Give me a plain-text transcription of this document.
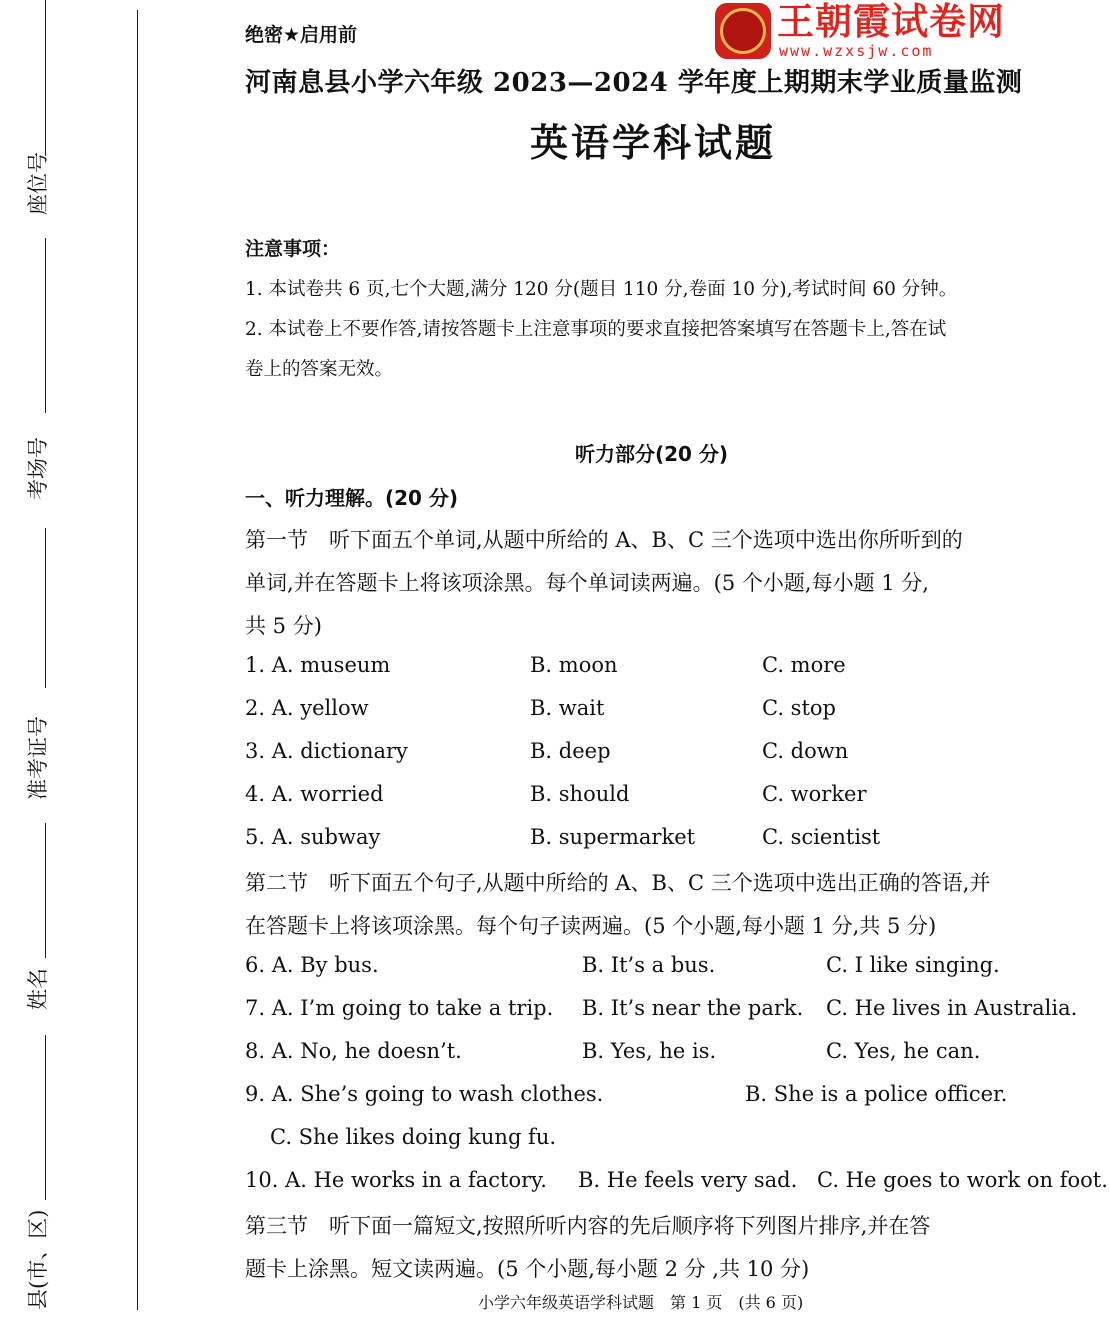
县(市、区)
姓名
准考证号
考场号
座位号
绝密★启用前	王朝霞试卷网
www.wzxsjw.com
河南息县小学六年级 2023—2024 学年度上期期末学业质量监测
英语学科试题
注意事项：
1. 本试卷共 6 页,七个大题,满分 120 分(题目 110 分,卷面 10 分),考试时间 60 分钟。
2. 本试卷上不要作答,请按答题卡上注意事项的要求直接把答案填写在答题卡上,答在试
卷上的答案无效。
听力部分(20 分)
一、听力理解。(20 分)
第一节　听下面五个单词,从题中所给的 A、B、C 三个选项中选出你所听到的
单词,并在答题卡上将该项涂黑。每个单词读两遍。(5 个小题,每小题 1 分,
共 5 分)
1. A. museum	B. moon	C. more
2. A. yellow	B. wait	C. stop
3. A. dictionary	B. deep	C. down
4. A. worried	B. should	C. worker
5. A. subway	B. supermarket	C. scientist
第二节　听下面五个句子,从题中所给的 A、B、C 三个选项中选出正确的答语,并
在答题卡上将该项涂黑。每个句子读两遍。(5 个小题,每小题 1 分,共 5 分)
6. A. By bus.	B. It’s a bus.	C. I like singing.
7. A. I’m going to take a trip. B. It’s near the park. C. He lives in Australia.
8. A. No, he doesn’t.	B. Yes, he is.	C. Yes, he can.
9. A. She’s going to wash clothes.	B. She is a police officer.
C. She likes doing kung fu.
10. A. He works in a factory. B. He feels very sad. C. He goes to work on foot.
第三节　听下面一篇短文,按照所听内容的先后顺序将下列图片排序,并在答
题卡上涂黑。短文读两遍。(5 个小题,每小题 2 分 ,共 10 分)
小学六年级英语学科试题　第 1 页　(共 6 页)
